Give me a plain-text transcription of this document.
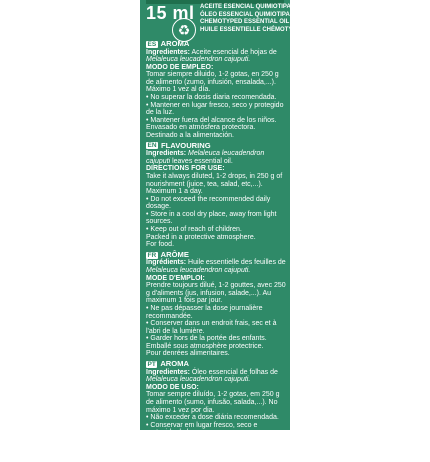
15 ml
♻
ACEITE ESENCIAL QUIMIOTIPADO
ÓLEO ESSENCIAL QUIMIOTIPADO
CHEMOTYPED ESSENTIAL OIL
HUILE ESSENTIELLE CHÉMOTYPÉE
ES AROMA

Ingredientes: Aceite esencial de hojas de Melaleuca leucadendron cajuputi.

MODO DE EMPLEO:

Tomar siempre diluido, 1-2 gotas, en 250 g de alimento (zumo, infusión, ensalada,...). Máximo 1 vez al día.

• No superar la dosis diaria recomendada.

• Mantener en lugar fresco, seco y protegido de la luz.

• Mantener fuera del alcance de los niños.

Envasado en atmósfera protectora.

Destinado a la alimentación.

EN FLAVOURING

Ingredients: Melaleuca leucadendron cajuputi leaves essential oil.

DIRECTIONS FOR USE:

Take it always diluted, 1-2 drops, in 250 g of nourishment (juice, tea, salad, etc,...). Maximum 1 a day.

• Do not exceed the recommended daily dosage.

• Store in a cool dry place, away from light sources.

• Keep out of reach of children.

Packed in a protective atmosphere.

For food.

FR ARÔME

Ingrédients: Huile essentielle des feuilles de Melaleuca leucadendron cajuputi.

MODE D'EMPLOI:

Prendre toujours dilué, 1-2 gouttes, avec 250 g d'aliments (jus, infusion, salade,...). Au maximum 1 fois par jour.

• Ne pas dépasser la dose journalière recommandée.

• Conserver dans un endroit frais, sec et à l'abri de la lumière.

• Garder hors de la portée des enfants.

Emballé sous atmosphère protectrice.

Pour denrées alimentaires.

PT AROMA

Ingredientes: Óleo essencial de folhas de Melaleuca leucadendron cajuputi.

MODO DE USO:

Tomar sempre diluído, 1-2 gotas, em 250 g de alimento (sumo, infusão, salada,...). No máximo 1 vez por dia.

• Não exceder a dose diária recomendada.

• Conservar em lugar fresco, seco e protegido da luz.

• Manter fora do alcance das crianças.

Embalado em atmosfera protetora.

Para alimentos
